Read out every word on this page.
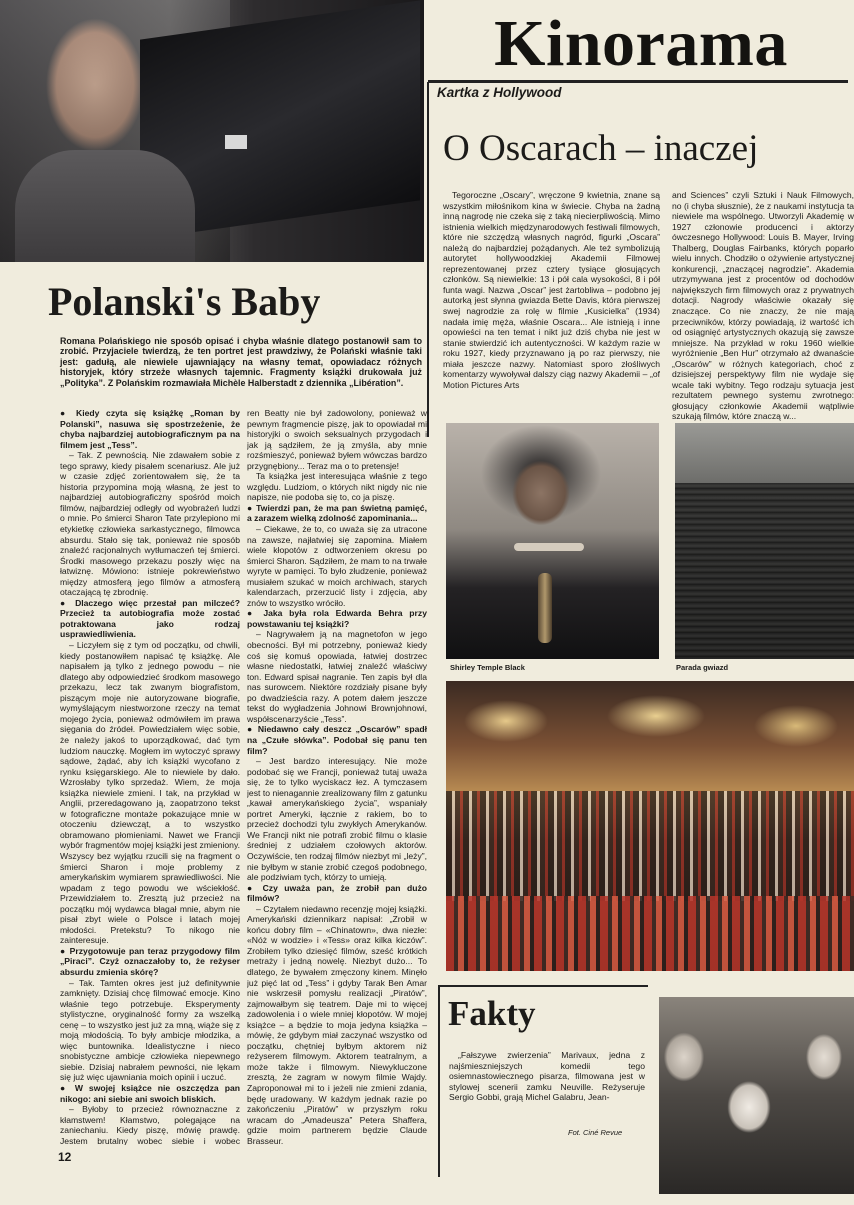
Kinorama
Kartka z Hollywood
O Oscarach – inaczej
Tegoroczne „Oscary”, wręczone 9 kwietnia, znane są wszystkim miłośnikom kina w świecie. Chyba na żadną inną nagrodę nie czeka się z taką niecierpliwością. Mimo istnienia wielkich międzynarodowych festiwali filmowych, które nie szczędzą własnych nagród, figurki „Oscara” należą do najbardziej pożądanych. Ale też symbolizują autorytet hollywoodzkiej Akademii Filmowej reprezentowanej przez cztery tysiące głosujących członków. Są niewielkie: 13 i pół cala wysokości, 8 i pół funta wagi. Nazwa „Oscar” jest żartobliwa – podobno jej autorką jest słynna gwiazda Bette Davis, która pierwszej swej nagrodzie za rolę w filmie „Kusicielka” (1934) nadała imię męża, właśnie Oscara... Ale istnieją i inne opowieści na ten temat i nikt już dziś chyba nie jest w stanie stwierdzić ich autentyczności. W każdym razie w roku 1927, kiedy przyznawano ją po raz pierwszy, nie miała jeszcze nazwy. Natomiast sporo złośliwych komentarzy wywoływał dalszy ciąg nazwy Akademii – „of Motion Pictures Arts
and Sciences” czyli Sztuki i Nauk Filmowych, no (i chyba słusznie), że z naukami instytucja ta niewiele ma wspólnego. Utworzyli Akademię w 1927 członowie producenci i aktorzy ówczesnego Hollywood: Louis B. Mayer, Irving Thalberg, Douglas Fairbanks, których poparło wielu innych. Chodziło o ożywienie artystycznej konkurencji, „znaczącej nagrodzie”. Akademia utrzymywana jest z procentów od dochodów największych firm filmowych oraz z prywatnych dotacji. Nagrody właściwie okazały się znaczące. Co nie znaczy, że nie mają przeciwników, którzy powiadają, iż wartość ich od osiągnięć artystycznych okazują się zawsze mniejsze. Na przykład w roku 1960 wielkie wyróżnienie „Ben Hur” otrzymało aż dwanaście „Oscarów” w różnych kategoriach, choć z dzisiejszej perspektywy film nie wydaje się wcale taki wybitny. Tego rodzaju sytuacja jest rezultatem pewnego systemu zwrotnego: głosujący członkowie Akademii wątpliwie szukają filmów, które znaczą w...
Polanski's Baby
Romana Polańskiego nie sposób opisać i chyba właśnie dlatego postanowił sam to zrobić. Przyjaciele twierdzą, że ten portret jest prawdziwy, że Polański właśnie taki jest: gadułą, ale niewiele ujawniający na własny temat, opowiadacz różnych historyjek, który strzeże własnych tajemnic. Fragmenty książki drukowała już „Polityka”. Z Polańskim rozmawiała Michèle Halberstadt z dziennika „Libération”.

● Kiedy czyta się książkę „Roman by Polanski”, nasuwa się spostrzeżenie, że chyba najbardziej autobiograficznym pa na filmem jest „Tess”.

– Tak. Z pewnością. Nie zdawałem sobie z tego sprawy, kiedy pisałem scenariusz. Ale już w czasie zdjęć zorientowałem się, że ta historia przypomina moją własną, że jest to najbardziej autobiograficzny spośród moich filmów, najbardziej odległy od wyobrażeń ludzi o mnie. Po śmierci Sharon Tate przylepiono mi etykietkę człowieka sarkastycznego, filmowca absurdu. Stało się tak, ponieważ nie sposób znaleźć racjonalnych wytłumaczeń tej śmierci. Środki masowego przekazu poszły więc na łatwiznę. Mówiono: istnieje pokrewieństwo między atmosferą jego filmów a atmosferą otaczającą tę zbrodnię.

● Dlaczego więc przestał pan milczeć? Przecież ta autobiografia może zostać potraktowana jako rodzaj usprawiedliwienia.

– Liczyłem się z tym od początku, od chwili, kiedy postanowiłem napisać tę książkę. Ale napisałem ją tylko z jednego powodu – nie dlatego aby odpowiedzieć środkom masowego przekazu, lecz tak zwanym biografistom, piszącym moje nie autoryzowane biografie, wymyślającym niestworzone rzeczy na temat mojego życia, ponieważ odmówiłem im prawa sięgania do źródeł. Powiedziałem więc sobie, że należy jakoś to uporządkować, dać tym ludziom nauczkę. Mogłem im wytoczyć sprawy sądowe, żądać, aby ich książki wycofano z rynku księgarskiego. Ale to niewiele by dało. Wzrosłaby tylko sprzedaż. Wiem, że moja książka niewiele zmieni. I tak, na przykład w Anglii, przeredagowano ją, zaopatrzono tekst w fotograficzne montaże pokazujące mnie w otoczeniu dziewcząt, a to wszystko obramowano płomieniami. Nawet we Francji wybór fragmentów mojej książki jest zmieniony. Wszyscy bez wyjątku rzucili się na fragment o śmierci Sharon i moje problemy z amerykańskim wymiarem sprawiedliwości. Nie wpadam z tego powodu we wściekłość. Przewidziałem to. Zresztą już przecież na początku mój wydawca błagał mnie, abym nie pisał zbyt wiele o Polsce i latach mojej młodości. Pretekstu? To nikogo nie zainteresuje.

● Przygotowuje pan teraz przygodowy film „Piraci”. Czyż oznaczałoby to, że reżyser absurdu zmienia skórę?

– Tak. Tamten okres jest już definitywnie zamknięty. Dzisiaj chcę filmować emocje. Kino właśnie tego potrzebuje. Eksperymenty stylistyczne, oryginalność formy za wszelką cenę – to wszystko jest już za mną, wiąże się z moją młodością. To były ambicje młodzika, a więc buntownika. Idealistyczne i nieco snobistyczne ambicje człowieka niepewnego siebie. Dzisiaj nabrałem pewności, nie lękam się już więc ujawniania moich opinii i uczuć.

● W swojej książce nie oszczędza pan nikogo: ani siebie ani swoich bliskich.

– Byłoby to przecież równoznaczne z kłamstwem! Kłamstwo, polegające na zaniechaniu. Kiedy piszę, mówię prawdę. Jestem brutalny wobec siebie i wobec

ren Beatty nie był zadowolony, ponieważ w pewnym fragmencie piszę, jak to opowiadał mi historyjki o swoich seksualnych przygodach i jak ją sądziłem, że ją zmyśla, aby mnie rozśmieszyć, ponieważ byłem wówczas bardzo przygnębiony... Teraz ma o to pretensje!

Ta książka jest interesująca właśnie z tego względu. Ludziom, o których nikt nigdy nic nie napisze, nie podoba się to, co ja piszę.

● Twierdzi pan, że ma pan świetną pamięć, a zarazem wielką zdolność zapominania...

– Ciekawe, że to, co uważa się za utracone na zawsze, najłatwiej się zapomina. Miałem wiele kłopotów z odtworzeniem okresu po śmierci Sharon. Sądziłem, że mam to na trwałe wyryte w pamięci. To było złudzenie, ponieważ musiałem szukać w moich archiwach, starych kalendarzach, przerzucić listy i zdjęcia, aby znów to wszystko wróciło.

● Jaka była rola Edwarda Behra przy powstawaniu tej książki?

– Nagrywałem ją na magnetofon w jego obecności. Był mi potrzebny, ponieważ kiedy coś się komuś opowiada, łatwiej dostrzec własne niedostatki, łatwiej znaleźć właściwy ton. Edward spisał nagranie. Ten zapis był dla nas surowcem. Niektóre rozdziały pisane były po dwadzieścia razy. A potem dałem jeszcze tekst do wygładzenia Johnowi Brownjohnowi, współscenarzyście „Tess”.

● Niedawno cały deszcz „Oscarów” spadł na „Czułe słówka”. Podobał się panu ten film?

– Jest bardzo interesujący. Nie może podobać się we Francji, ponieważ tutaj uważa się, że to tylko wyciskacz łez. A tymczasem jest to nienagannie zrealizowany film z gatunku „kawał amerykańskiego życia”, wspaniały portret Ameryki, łącznie z rakiem, bo to przecież dochodzi tylu zwykłych Amerykanów. We Francji nikt nie potrafi zrobić filmu o klasie średniej z udziałem czołowych aktorów. Oczywiście, ten rodzaj filmów niezbyt mi „leży”, nie byłbym w stanie zrobić czegoś podobnego, ale podziwiam tych, którzy to umieją.

● Czy uważa pan, że zrobił pan dużo filmów?

– Czytałem niedawno recenzję mojej książki. Amerykański dziennikarz napisał: „Zrobił w końcu dobry film – «Chinatown», dwa niezłe: «Nóż w wodzie» i «Tess» oraz kilka kiczów”. Zrobiłem tylko dziesięć filmów, sześć krótkich metraży i jedną nowelę. Niezbyt dużo... To dlatego, że bywałem zmęczony kinem. Minęło już pięć lat od „Tess” i gdyby Tarak Ben Amar nie wskrzesił pomysłu realizacji „Piratów”, zajmowałbym się teatrem. Daje mi to więcej zadowolenia i o wiele mniej kłopotów. W mojej książce – a będzie to moja jedyna książka – mówię, że gdybym miał zaczynać wszystko od początku, chętniej byłbym aktorem niż reżyserem filmowym. Aktorem teatralnym, a może także i filmowym. Niewykluczone zresztą, że zagram w nowym filmie Wajdy. Zaproponował mi to i jeżeli nie zmieni zdania, będę uradowany. W każdym jednak razie po zakończeniu „Piratów” w przyszłym roku wracam do „Amadeusza” Petera Shaffera, gdzie moim partnerem będzie Claude Brasseur.

12
Shirley Temple Black	Parada gwiazd
Fakty
„Fałszywe zwierzenia” Marivaux, jedna z najśmieszniejszych komedii tego osiemnastowiecznego pisarza, filmowana jest w stylowej scenerii zamku Neuville. Reżyseruje Sergio Gobbi, grają Michel Galabru, Jean-
Fot. Ciné Revue
